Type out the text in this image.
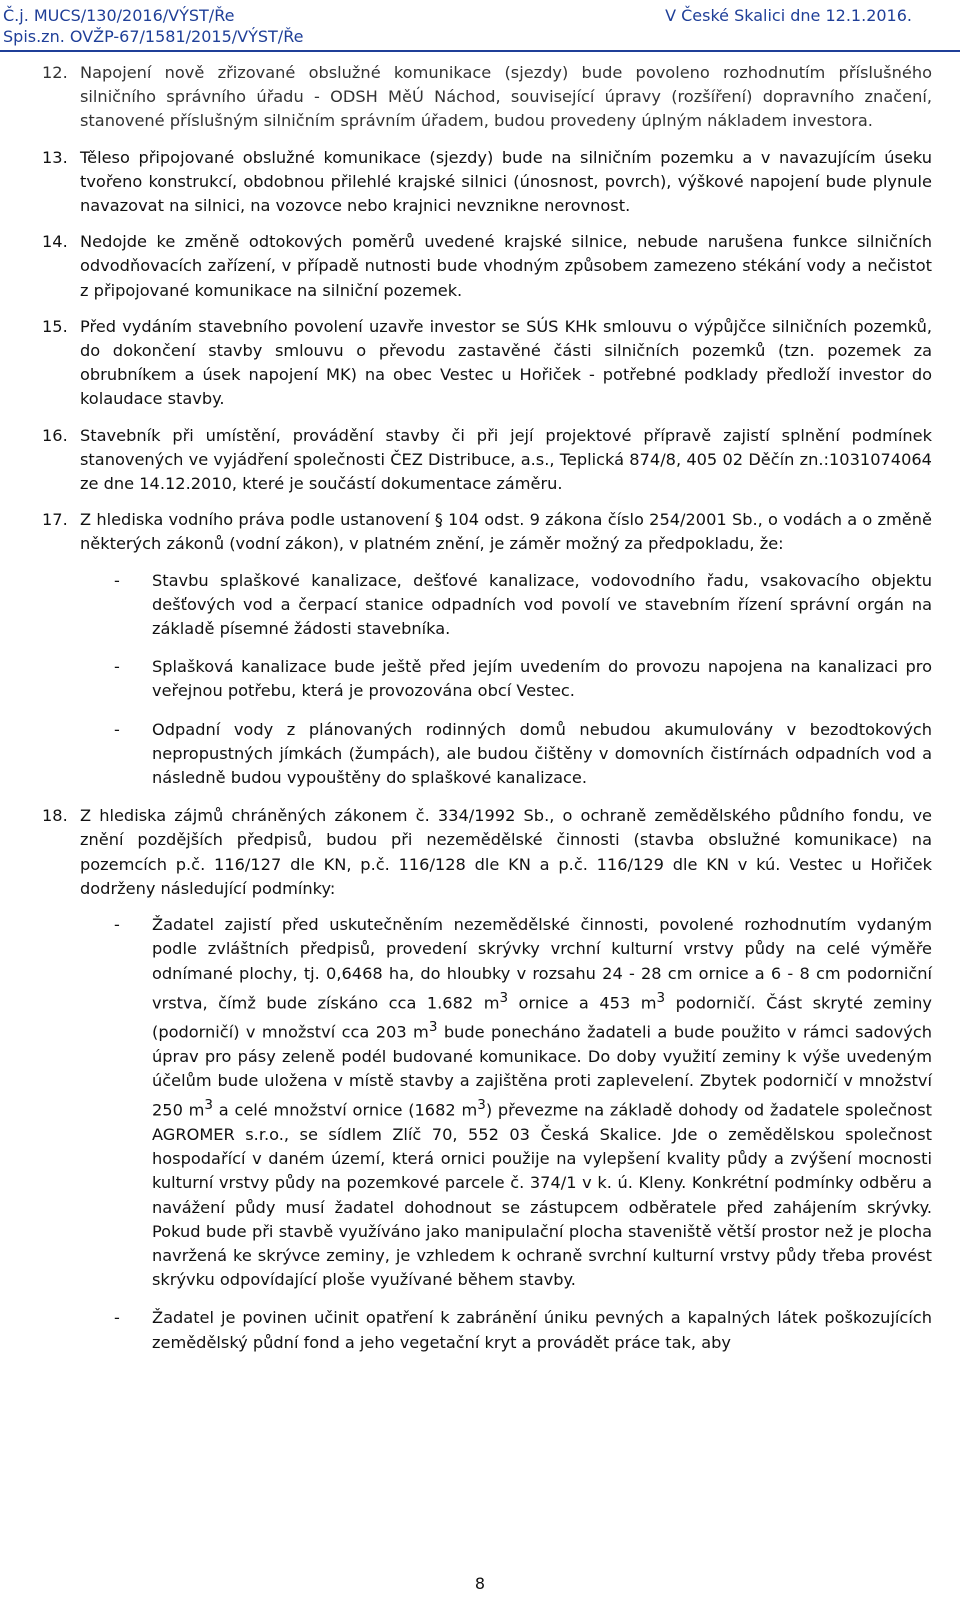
Č.j. MUCS/130/2016/VÝST/Ře
Spis.zn. OVŽP-67/1581/2015/VÝST/Ře
V České Skalici dne 12.1.2016.
12. Napojení nově zřizované obslužné komunikace (sjezdy) bude povoleno rozhodnutím příslušného silničního správního úřadu - ODSH MěÚ Náchod, související úpravy (rozšíření) dopravního značení, stanovené příslušným silničním správním úřadem, budou provedeny úplným nákladem investora.

13. Těleso připojované obslužné komunikace (sjezdy) bude na silničním pozemku a v navazujícím úseku tvořeno konstrukcí, obdobnou přilehlé krajské silnici (únosnost, povrch), výškové napojení bude plynule navazovat na silnici, na vozovce nebo krajnici nevznikne nerovnost.

14. Nedojde ke změně odtokových poměrů uvedené krajské silnice, nebude narušena funkce silničních odvodňovacích zařízení, v případě nutnosti bude vhodným způsobem zamezeno stékání vody a nečistot z připojované komunikace na silniční pozemek.

15. Před vydáním stavebního povolení uzavře investor se SÚS KHk smlouvu o výpůjčce silničních pozemků, do dokončení stavby smlouvu o převodu zastavěné části silničních pozemků (tzn. pozemek za obrubníkem a úsek napojení MK) na obec Vestec u Hořiček - potřebné podklady předloží investor do kolaudace stavby.

16. Stavebník při umístění, provádění stavby či při její projektové přípravě zajistí splnění podmínek stanovených ve vyjádření společnosti ČEZ Distribuce, a.s., Teplická 874/8, 405 02 Děčín zn.:1031074064 ze dne 14.12.2010, které je součástí dokumentace záměru.

17. Z hlediska vodního práva podle ustanovení § 104 odst. 9 zákona číslo 254/2001 Sb., o vodách a o změně některých zákonů (vodní zákon), v platném znění, je záměr možný za předpokladu, že:

- Stavbu splaškové kanalizace, dešťové kanalizace, vodovodního řadu, vsakovacího objektu dešťových vod a čerpací stanice odpadních vod povolí ve stavebním řízení správní orgán na základě písemné žádosti stavebníka.

- Splašková kanalizace bude ještě před jejím uvedením do provozu napojena na kanalizaci pro veřejnou potřebu, která je provozována obcí Vestec.

- Odpadní vody z plánovaných rodinných domů nebudou akumulovány v bezodtokových nepropustných jímkách (žumpách), ale budou čištěny v domovních čistírnách odpadních vod a následně budou vypouštěny do splaškové kanalizace.

18. Z hlediska zájmů chráněných zákonem č. 334/1992 Sb., o ochraně zemědělského půdního fondu, ve znění pozdějších předpisů, budou při nezemědělské činnosti (stavba obslužné komunikace) na pozemcích p.č. 116/127 dle KN, p.č. 116/128 dle KN a p.č. 116/129 dle KN v kú. Vestec u Hořiček dodrženy následující podmínky:

- Žadatel zajistí před uskutečněním nezemědělské činnosti, povolené rozhodnutím vydaným podle zvláštních předpisů, provedení skrývky vrchní kulturní vrstvy půdy na celé výměře odnímané plochy, tj. 0,6468 ha, do hloubky v rozsahu 24 - 28 cm ornice a 6 - 8 cm podorniční vrstva, čímž bude získáno cca 1.682 $m^3$ ornice a 453 $m^3$ podorničí. Část skryté zeminy (podorničí) v množství cca 203 $m^3$ bude ponecháno žadateli a bude použito v rámci sadových úprav pro pásy zeleně podél budované komunikace. Do doby využití zeminy k výše uvedeným účelům bude uložena v místě stavby a zajištěna proti zaplevelení. Zbytek podorničí v množství 250 $m^3$ a celé množství ornice (1682 $m^3$) převezme na základě dohody od žadatele společnost AGROMER s.r.o., se sídlem Zlíč 70, 552 03 Česká Skalice. Jde o zemědělskou společnost hospodařící v daném území, která ornici použije na vylepšení kvality půdy a zvýšení mocnosti kulturní vrstvy půdy na pozemkové parcele č. 374/1 v k. ú. Kleny. Konkrétní podmínky odběru a navážení půdy musí žadatel dohodnout se zástupcem odběratele před zahájením skrývky. Pokud bude při stavbě využíváno jako manipulační plocha staveniště větší prostor než je plocha navržená ke skrývce zeminy, je vzhledem k ochraně svrchní kulturní vrstvy půdy třeba provést skrývku odpovídající ploše využívané během stavby.

- Žadatel je povinen učinit opatření k zabránění úniku pevných a kapalných látek poškozujících zemědělský půdní fond a jeho vegetační kryt a provádět práce tak, aby

8
